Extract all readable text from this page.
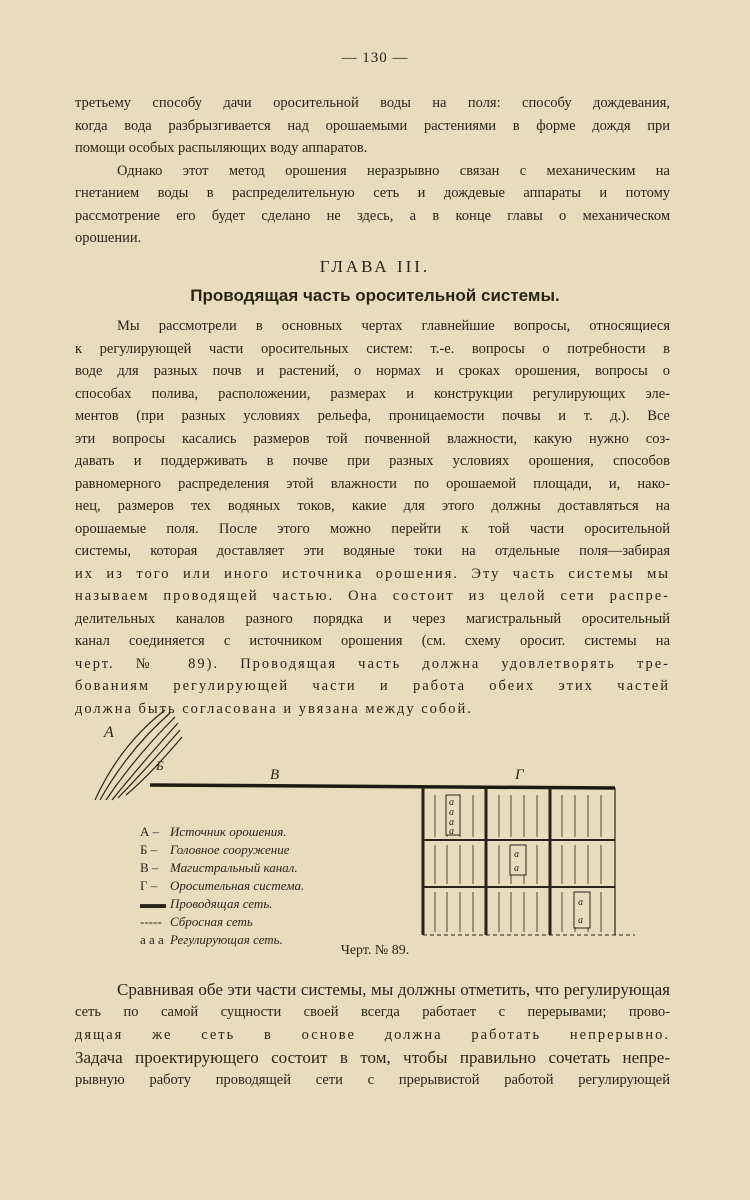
— 130 —
третьему способу дачи оросительной воды на поля: способу дождевания,
когда вода разбрызгивается над орошаемыми растениями в форме дождя при
помощи особых распыляющих воду аппаратов.
Однако этот метод орошения неразрывно связан с механическим на
гнетанием воды в распределительную сеть и дождевые аппараты и потому
рассмотрение его будет сделано не здесь, а в конце главы о механическом
орошении.
ГЛАВА III.
Проводящая часть оросительной системы.
Мы рассмотрели в основных чертах главнейшие вопросы, относящиеся
к регулирующей части оросительных систем: т.-е. вопросы о потребности в
воде для разных почв и растений, о нормах и сроках орошения, вопросы о
способах полива, расположении, размерах и конструкции регулирующих эле-
ментов (при разных условиях рельефа, проницаемости почвы и т. д.). Все
эти вопросы касались размеров той почвенной влажности, какую нужно соз-
давать и поддерживать в почве при разных условиях орошения, способов
равномерного распределения этой влажности по орошаемой площади, и, нако-
нец, размеров тех водяных токов, какие для этого должны доставляться на
орошаемые поля. После этого можно перейти к той части оросительной
системы, которая доставляет эти водяные токи на отдельные поля—забирая
их из того или иного источника орошения. Эту часть системы мы
называем проводящей частью. Она состоит из целой сети распре-
делительных каналов разного порядка и через магистральный оросительный
канал соединяется с источником орошения (см. схему оросит. системы на
черт. № 89). Проводящая часть должна удовлетворять тре-
бованиям регулирующей части и работа обеих этих частей
должна быть согласована и увязана между собой.
А
Б
В	Г
а
а
а
а
а
а
а
а
А – Источник орошения.
Б – Головное сооружение
В – Магистральный канал.
Г – Оросительная система.
▬▬ Проводящая сеть.
----- Сбросная сеть
а а а Регулирующая сеть.
Черт. № 89.
Сравнивая обе эти части системы, мы должны отметить, что регулирующая
сеть по самой сущности своей всегда работает с перерывами; прово-
дящая же сеть в основе должна работать непрерывно.
Задача проектирующего состоит в том, чтобы правильно сочетать непре-
рывную работу проводящей сети с прерывистой работой регулирующей
